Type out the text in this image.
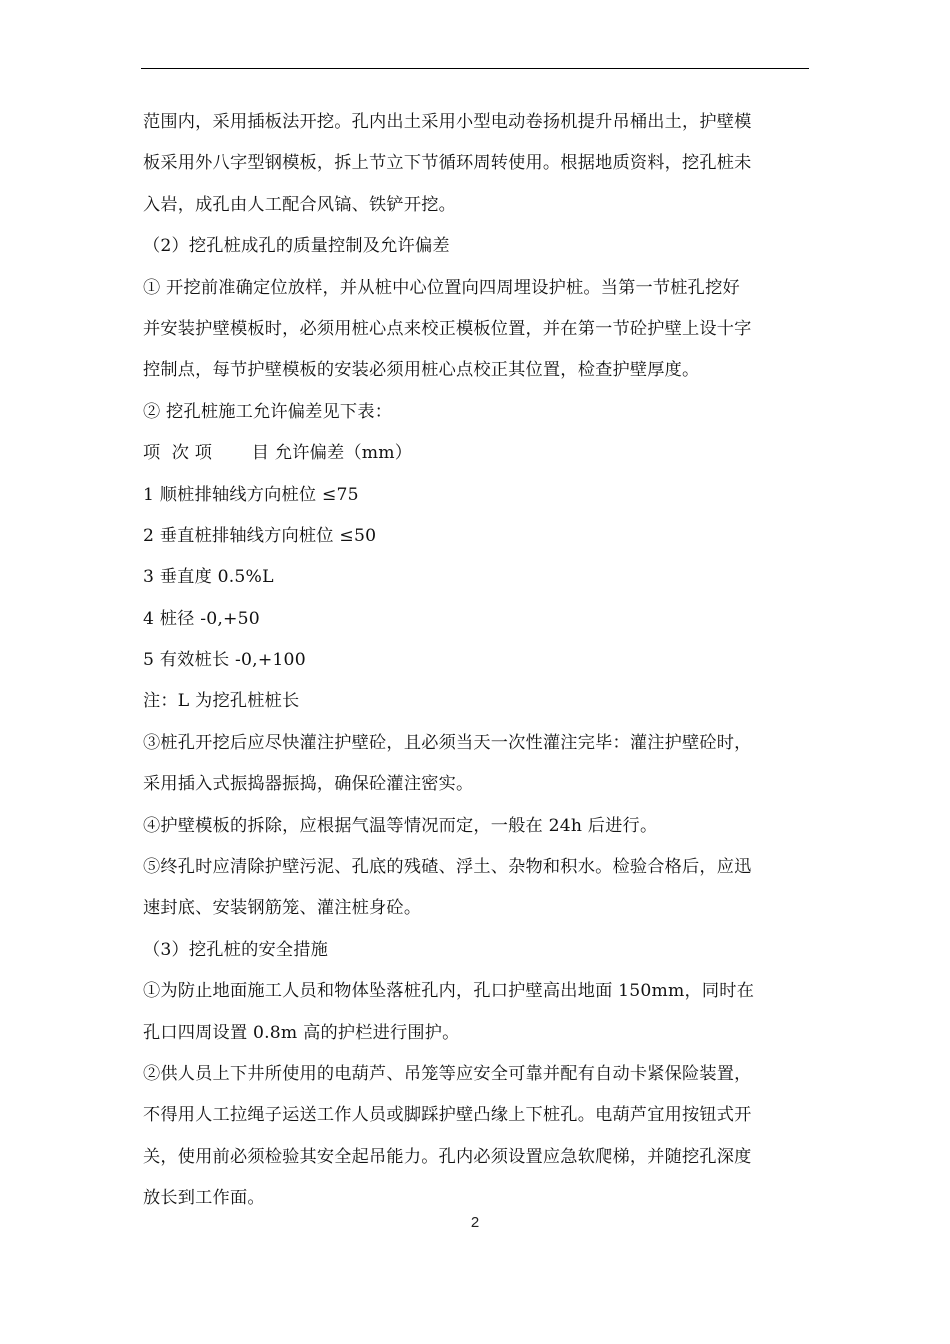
范围内，采用插板法开挖。孔内出土采用小型电动卷扬机提升吊桶出土，护壁模
板采用外八字型钢模板，拆上节立下节循环周转使用。根据地质资料，挖孔桩未
入岩，成孔由人工配合风镐、铁铲开挖。
（2）挖孔桩成孔的质量控制及允许偏差
① 开挖前准确定位放样，并从桩中心位置向四周埋设护桩。当第一节桩孔挖好
并安装护壁模板时，必须用桩心点来校正模板位置，并在第一节砼护壁上设十字
控制点，每节护壁模板的安装必须用桩心点校正其位置，检查护壁厚度。
② 挖孔桩施工允许偏差见下表：
项  次 项       目 允许偏差（mm）
1 顺桩排轴线方向桩位 ≤75
2 垂直桩排轴线方向桩位 ≤50
3 垂直度 0.5%L
4 桩径 -0,+50
5 有效桩长 -0,+100
注：L 为挖孔桩桩长
③桩孔开挖后应尽快灌注护壁砼，且必须当天一次性灌注完毕：灌注护壁砼时，
采用插入式振捣器振捣，确保砼灌注密实。
④护壁模板的拆除，应根据气温等情况而定，一般在 24h 后进行。
⑤终孔时应清除护壁污泥、孔底的残碴、浮土、杂物和积水。检验合格后，应迅
速封底、安装钢筋笼、灌注桩身砼。
（3）挖孔桩的安全措施
①为防止地面施工人员和物体坠落桩孔内，孔口护壁高出地面 150mm，同时在
孔口四周设置 0.8m 高的护栏进行围护。
②供人员上下井所使用的电葫芦、吊笼等应安全可靠并配有自动卡紧保险装置，
不得用人工拉绳子运送工作人员或脚踩护壁凸缘上下桩孔。电葫芦宜用按钮式开
关，使用前必须检验其安全起吊能力。孔内必须设置应急软爬梯，并随挖孔深度
放长到工作面。
2
